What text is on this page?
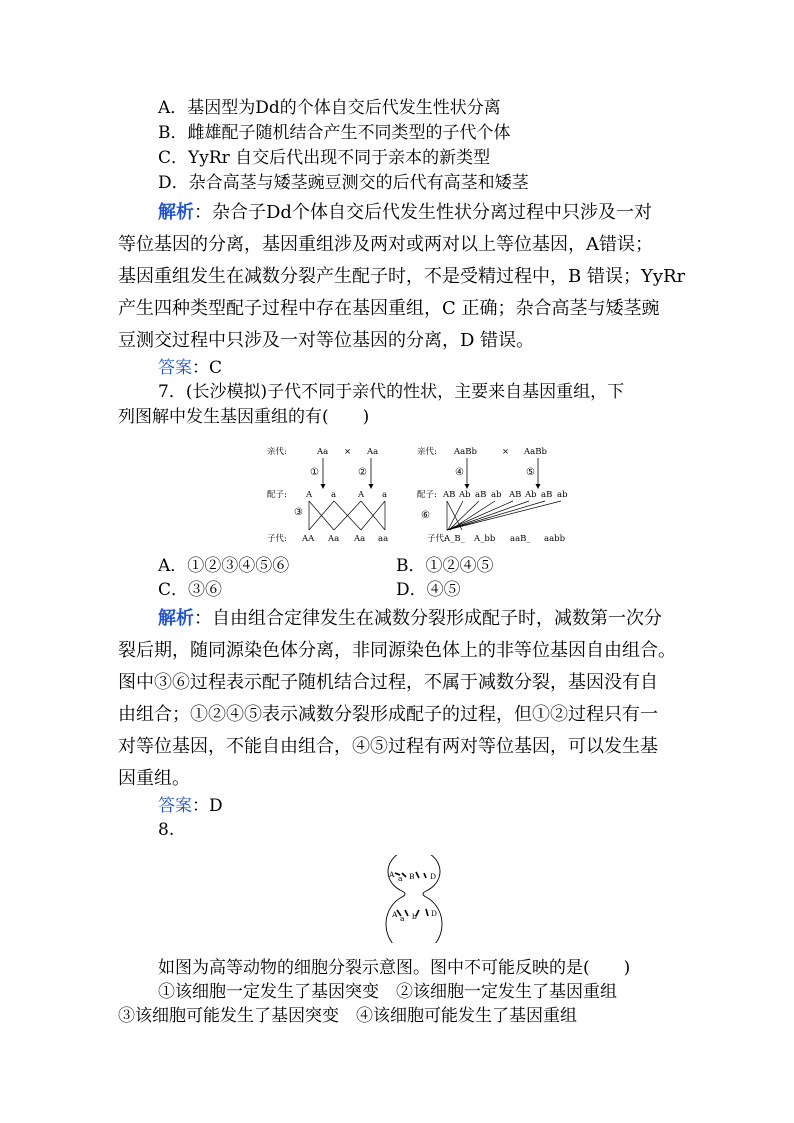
A．基因型为Dd的个体自交后代发生性状分离
B．雌雄配子随机结合产生不同类型的子代个体
C．YyRr 自交后代出现不同于亲本的新类型
D．杂合高茎与矮茎豌豆测交的后代有高茎和矮茎
解析：杂合子Dd个体自交后代发生性状分离过程中只涉及一对
等位基因的分离，基因重组涉及两对或两对以上等位基因，A错误；
基因重组发生在减数分裂产生配子时，不是受精过程中，B 错误；YyRr
产生四种类型配子过程中存在基因重组，C 正确；杂合高茎与矮茎豌
豆测交过程中只涉及一对等位基因的分离，D 错误。
答案：C
7．(长沙模拟)子代不同于亲代的性状，主要来自基因重组，下
列图解中发生基因重组的有(　　)
亲代:	Aa × Aa
①	②
配子: A a	A a
③
子代: AA Aa Aa aa
亲代: AaBb	× AaBb
④	⑤
配子: AB Ab aB ab AB Ab aB ab
⑥
子代:
A_B_ A_bb aaB_ aabb
A．①②③④⑤⑥	B．①②④⑤
C．③⑥	D．④⑤
解析：自由组合定律发生在减数分裂形成配子时，减数第一次分
裂后期，随同源染色体分离，非同源染色体上的非等位基因自由组合。
图中③⑥过程表示配子随机结合过程，不属于减数分裂，基因没有自
由组合；①②④⑤表示减数分裂形成配子的过程，但①②过程只有一
对等位基因，不能自由组合，④⑤过程有两对等位基因，可以发生基
因重组。
答案：D
8.
A a B D
A a b D
如图为高等动物的细胞分裂示意图。图中不可能反映的是(　　)
①该细胞一定发生了基因突变　②该细胞一定发生了基因重组
③该细胞可能发生了基因突变　④该细胞可能发生了基因重组
